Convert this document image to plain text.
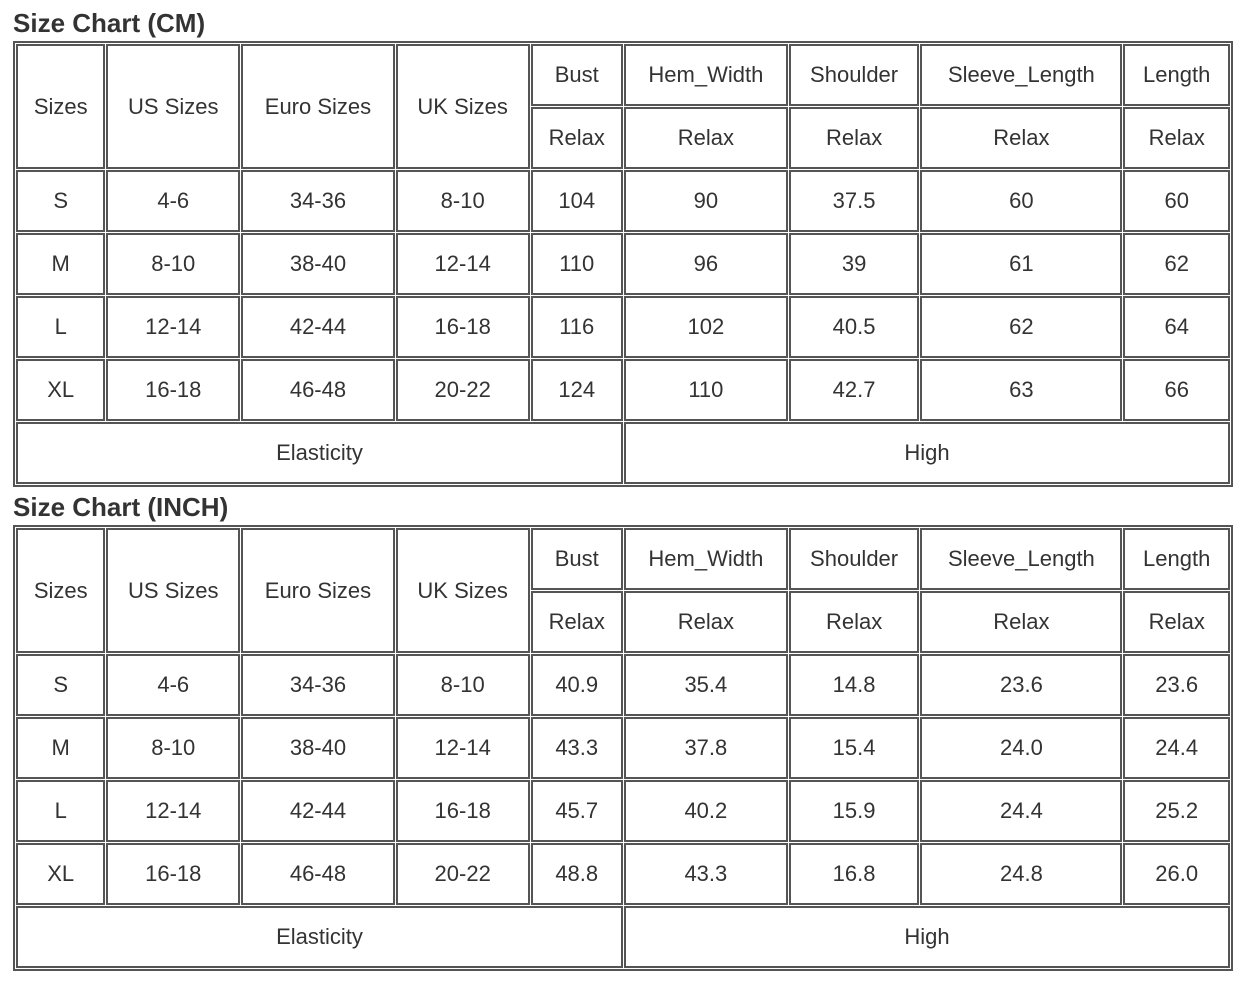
Size Chart (CM)
Sizes	US Sizes	Euro Sizes	UK Sizes	Bust	Hem_Width	Shoulder	Sleeve_Length	Length
				Relax	Relax	Relax	Relax	Relax
S	4-6	34-36	8-10	104	90	37.5	60	60
M	8-10	38-40	12-14	110	96	39	61	62
L	12-14	42-44	16-18	116	102	40.5	62	64
XL	16-18	46-48	20-22	124	110	42.7	63	66
Elasticity					High			
Size Chart (INCH)
Sizes	US Sizes	Euro Sizes	UK Sizes	Bust	Hem_Width	Shoulder	Sleeve_Length	Length
				Relax	Relax	Relax	Relax	Relax
S	4-6	34-36	8-10	40.9	35.4	14.8	23.6	23.6
M	8-10	38-40	12-14	43.3	37.8	15.4	24.0	24.4
L	12-14	42-44	16-18	45.7	40.2	15.9	24.4	25.2
XL	16-18	46-48	20-22	48.8	43.3	16.8	24.8	26.0
Elasticity					High			
